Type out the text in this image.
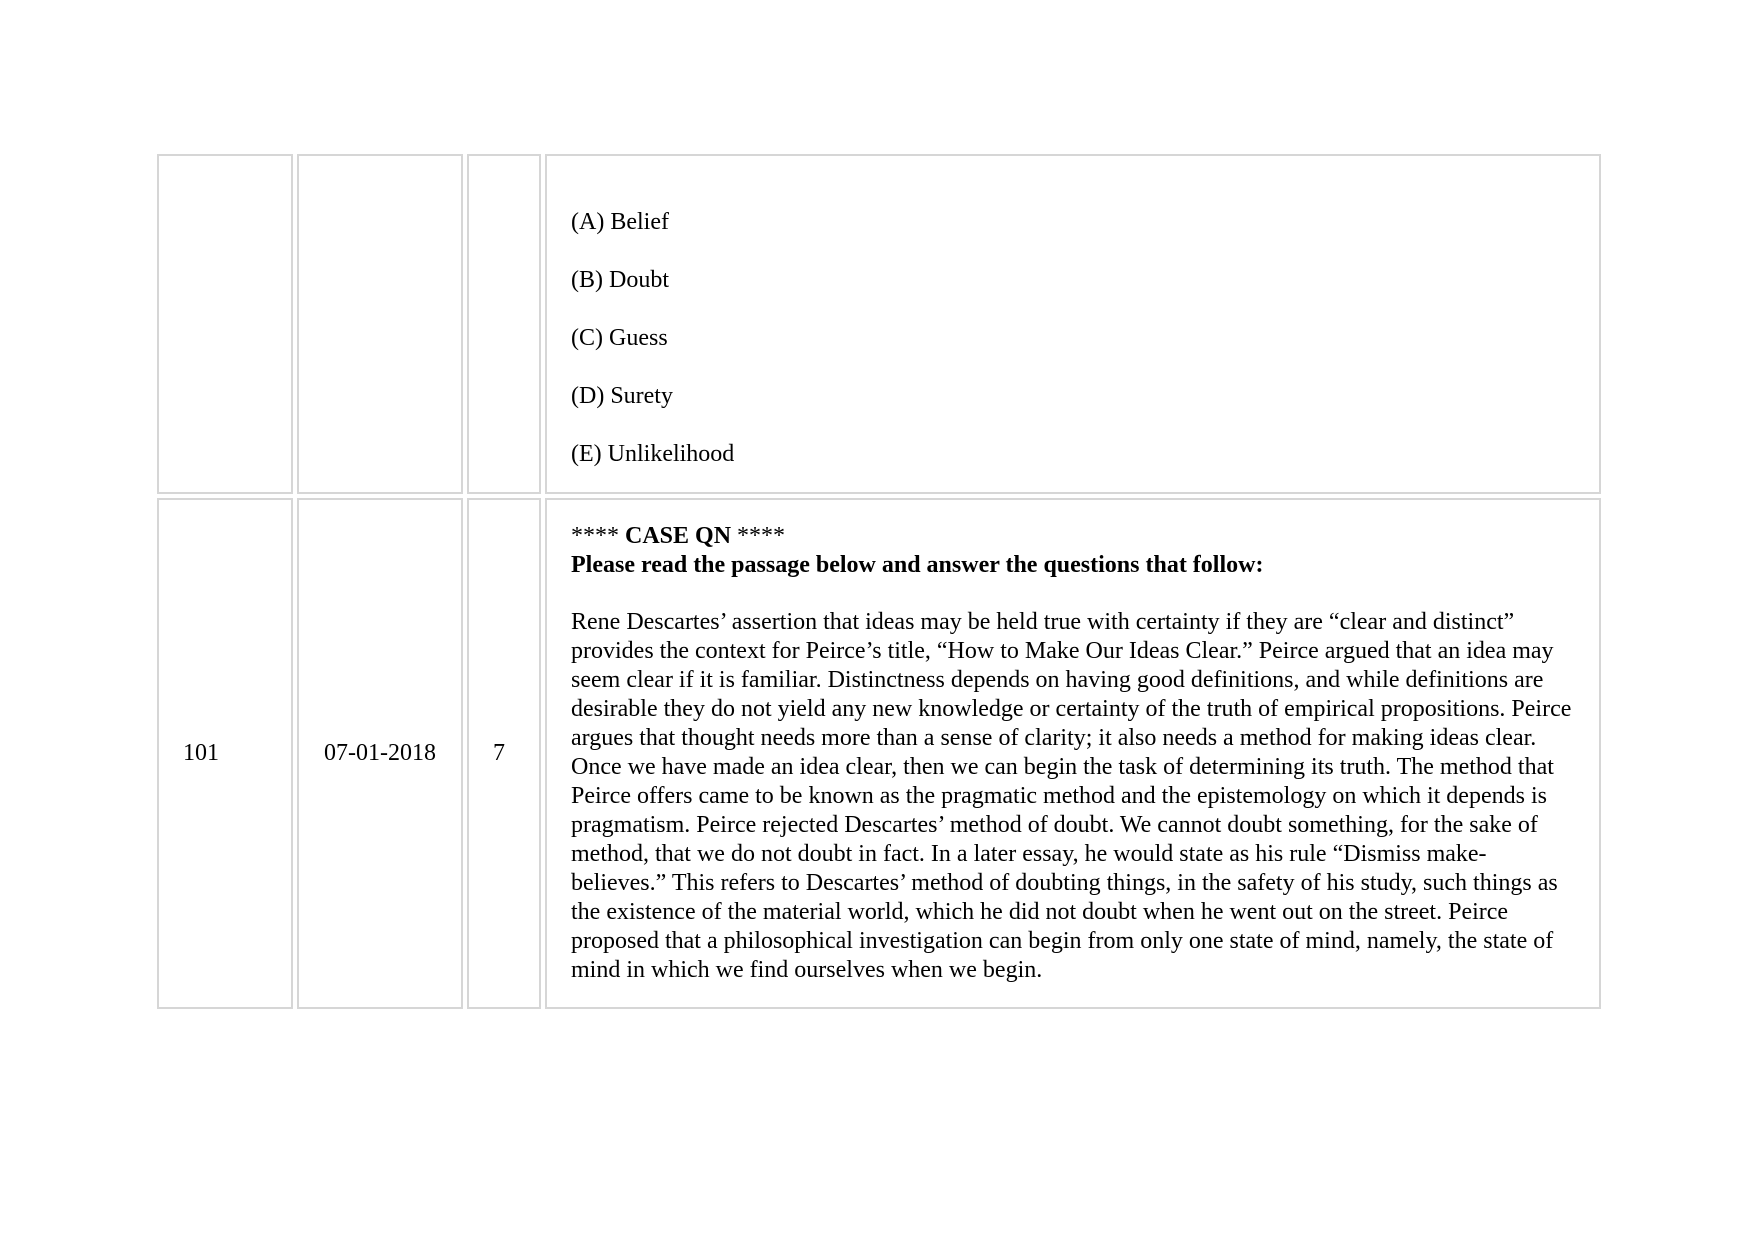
			(A) Belief
(B) Doubt
(C) Guess
(D) Surety
(E) Unlikelihood

101	07-01-2018	7	**** CASE QN ****
Please read the passage below and answer the questions that follow:
Rene Descartes’ assertion that ideas may be held true with certainty if they are “clear and distinct” provides the context for Peirce’s title, “How to Make Our Ideas Clear.” Peirce argued that an idea may seem clear if it is familiar. Distinctness depends on having good definitions, and while definitions are desirable they do not yield any new knowledge or certainty of the truth of empirical propositions. Peirce argues that thought needs more than a sense of clarity; it also needs a method for making ideas clear. Once we have made an idea clear, then we can begin the task of determining its truth. The method that Peirce offers came to be known as the pragmatic method and the epistemology on which it depends is pragmatism. Peirce rejected Descartes’ method of doubt. We cannot doubt something, for the sake of method, that we do not doubt in fact. In a later essay, he would state as his rule “Dismiss make-believes.” This refers to Descartes’ method of doubting things, in the safety of his study, such things as the existence of the material world, which he did not doubt when he went out on the street. Peirce proposed that a philosophical investigation can begin from only one state of mind, namely, the state of mind in which we find ourselves when we begin.
